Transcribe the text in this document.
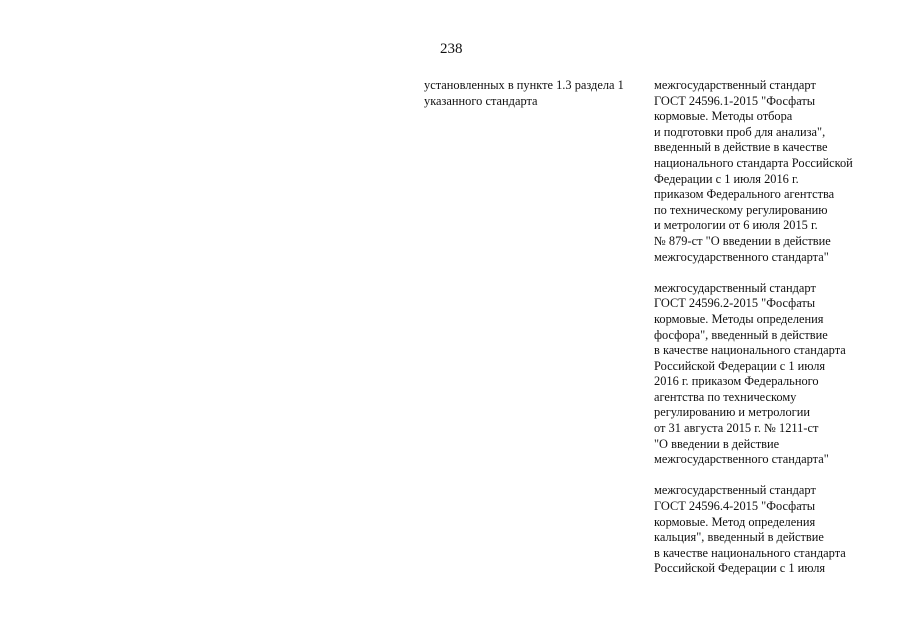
238
установленных в пункте 1.3 раздела 1
указанного стандарта
межгосударственный стандарт
ГОСТ 24596.1-2015 "Фосфаты
кормовые. Методы отбора
и подготовки проб для анализа",
введенный в действие в качестве
национального стандарта Российской
Федерации с 1 июля 2016 г.
приказом Федерального агентства
по техническому регулированию
и метрологии от 6 июля 2015 г.
№ 879-ст "О введении в действие
межгосударственного стандарта"
межгосударственный стандарт
ГОСТ 24596.2-2015 "Фосфаты
кормовые. Методы определения
фосфора", введенный в действие
в качестве национального стандарта
Российской Федерации с 1 июля
2016 г. приказом Федерального
агентства по техническому
регулированию и метрологии
от 31 августа 2015 г. № 1211-ст
"О введении в действие
межгосударственного стандарта"
межгосударственный стандарт
ГОСТ 24596.4-2015 "Фосфаты
кормовые. Метод определения
кальция", введенный в действие
в качестве национального стандарта
Российской Федерации с 1 июля
